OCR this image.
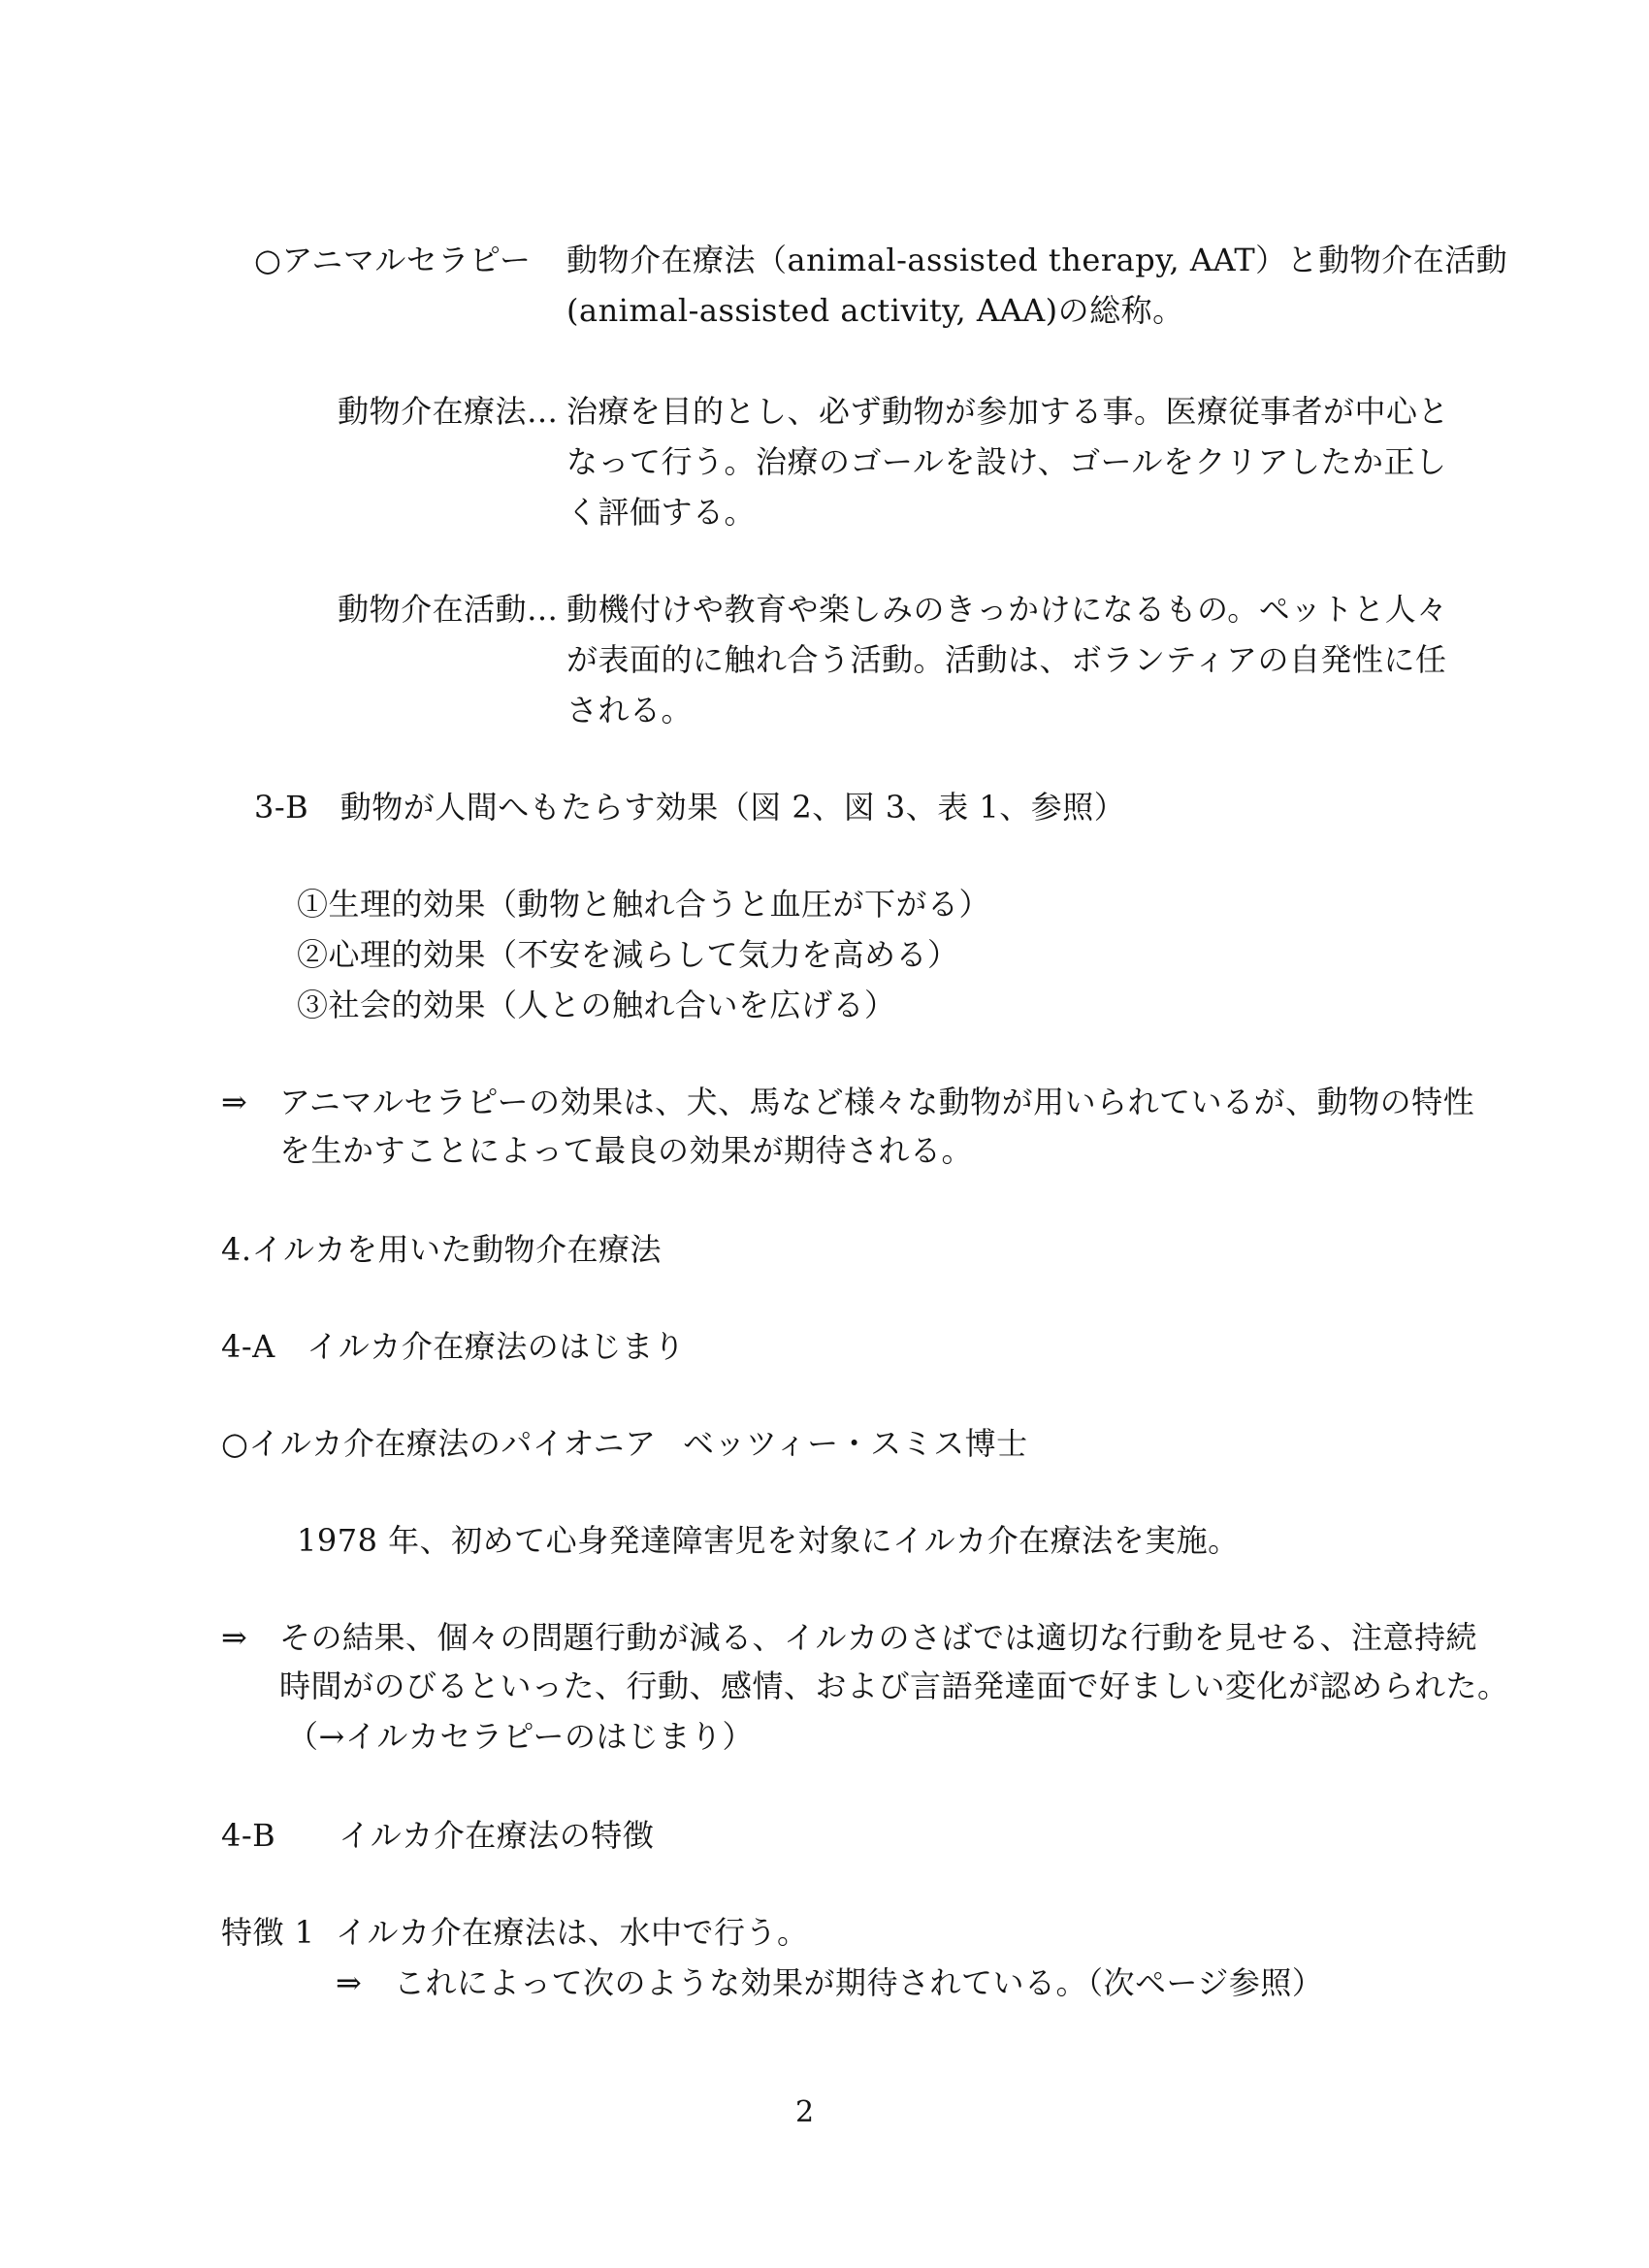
○アニマルセラピー 動物介在療法（animal-assisted therapy, AAT）と動物介在活動
(animal-assisted activity, AAA)の総称。
動物介在療法… 治療を目的とし、必ず動物が参加する事。医療従事者が中心と
なって行う。治療のゴールを設け、ゴールをクリアしたか正し
く評価する。
動物介在活動… 動機付けや教育や楽しみのきっかけになるもの。ペットと人々
が表面的に触れ合う活動。活動は、ボランティアの自発性に任
される。
3-B　動物が人間へもたらす効果（図 2、図 3、表 1、参照）
①生理的効果（動物と触れ合うと血圧が下がる）
②心理的効果（不安を減らして気力を高める）
③社会的効果（人との触れ合いを広げる）
⇒ アニマルセラピーの効果は、犬、馬など様々な動物が用いられているが、動物の特性
を生かすことによって最良の効果が期待される。
4.イルカを用いた動物介在療法
4-A　イルカ介在療法のはじまり
○イルカ介在療法のパイオニア ベッツィー・スミス博士
1978 年、初めて心身発達障害児を対象にイルカ介在療法を実施。
⇒ その結果、個々の問題行動が減る、イルカのさばでは適切な行動を見せる、注意持続
時間がのびるといった、行動、感情、および言語発達面で好ましい変化が認められた。
（→イルカセラピーのはじまり）
4-B　　イルカ介在療法の特徴
特徴 1 イルカ介在療法は、水中で行う。
⇒ これによって次のような効果が期待されている。（次ページ参照）
2
